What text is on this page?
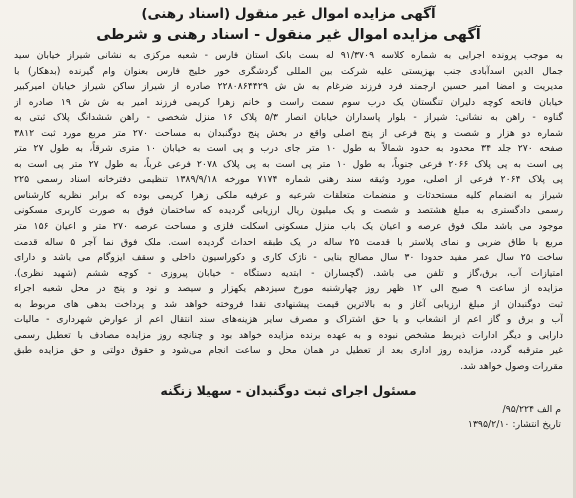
آگهی مزایده اموال غیر منقول (اسناد رهنی)
آگهی مزایده اموال غیر منقول - اسناد رهنی و شرطی
به موجب پرونده اجرایی به شماره کلاسه ۹۱/۳۷۰۹ له بست بانک استان فارس - شعبه مرکزی به نشانی شیراز خیابان سید
جمال الدین اسدآبادی جنب بهزیستی علیه شرکت بین المللی گردشگری خور خلیج فارس بعنوان وام گیرنده (بدهکار) با
مدیریت و امضا امیر حسین ارجمند فرد فرزند ضرغام به ش ش ۲۲۸۰۸۶۴۴۲۹ صادره از شیراز ساکن شیراز خیابان امیرکبیر
خیابان فاتحه کوچه دلیران تنگستان یک درب سوم سمت راست و خانم زهرا کریمی فرزند امیر به ش ش ۱۹ صادره از
گناوه - راهن به نشانی: شیراز - بلوار پاسداران خیابان انصار ۵/۳ پلاک ۱۶ منزل شخصی - راهن ششدانگ پلاک ثبتی به
شماره دو هزار و شصت و پنج فرعی از پنج اصلی واقع در بخش پنج دوگنبدان به مساحت ۲۷۰ متر مربع مورد ثبت ۳۸۱۲
صفحه ۲۷۰ جلد ۳۴ محدود به حدود شمالاً به طول ۱۰ متر جای درب و پی است به خیابان ۱۰ متری شرقاً، به طول ۲۷ متر
پی است به پی پلاک ۲۰۶۶ فرعی جنوباً، به طول ۱۰ متر پی است به پی پلاک ۲۰۷۸ فرعی غرباً، به طول ۲۷ متر پی است به
پی پلاک ۲۰۶۴ فرعی از اصلی، مورد وثیقه سند رهنی شماره ۷۱۷۴ مورخه ۱۳۸۹/۹/۱۸ تنظیمی دفترخانه اسناد رسمی ۲۲۵
شیراز به انضمام کلیه مستحدثات و منضمات متعلقات شرعیه و عرفیه ملکی زهرا کریمی بوده که برابر نظریه کارشناس
رسمی دادگستری به مبلغ هشتصد و شصت و یک میلیون ریال ارزیابی گردیده که ساختمان فوق به صورت کاربری مسکونی
موجود می باشد ملک فوق عرصه و اعیان یک باب منزل مسکونی اسکلت فلزی و مساحت عرصه ۲۷۰ متر و اعیان ۱۵۶ متر
مربع با طاق ضربی و نمای پلاستر با قدمت ۲۵ ساله در یک طبقه احداث گردیده است. ملک فوق نما آجر ۵ ساله قدمت
ساخت ۲۵ سال عمر مفید حدودا ۳۰ سال مصالح بنایی - ناژک کاری و دکوراسیون داخلی و سقف ایزوگام می باشد و دارای
امتیازات آب، برق،گاز و تلفن می باشد. (گچساران - ابتدیه دستگاه - خیابان پیروزی - کوچه ششم (شهید نظری).
مزایده از ساعت ۹ صبح الی ۱۲ ظهر روز چهارشنبه مورخ سیزدهم یکهزار و سیصد و نود و پنج در محل شعبه اجراء
ثبت دوگنبدان از مبلغ ارزیابی آغاز و به بالاترین قیمت پیشنهادی نقدا فروخته خواهد شد و پرداخت بدهی های مربوط به
آب و برق و گاز اعم از انشعاب و یا حق اشتراک و مصرف سایر هزینه‌های سند انتقال اعم از عوارض شهرداری - مالیات
دارایی و دیگر ادارات ذیربط مشخص نبوده و به عهده برنده مزایده خواهد بود و چنانچه روز مزایده مصادف با تعطیل رسمی
غیر مترقبه گردد، مزایده روز اداری بعد از تعطیل در همان محل و ساعت انجام می‌شود و حقوق دولتی و حق مزایده طبق
مقررات وصول خواهد شد.
مسئول اجرای ثبت دوگنبدان - سهیلا زنگنه
م الف ۹۵/۲۲۴/
تاریخ انتشار: ۱۳۹۵/۲/۱۰
